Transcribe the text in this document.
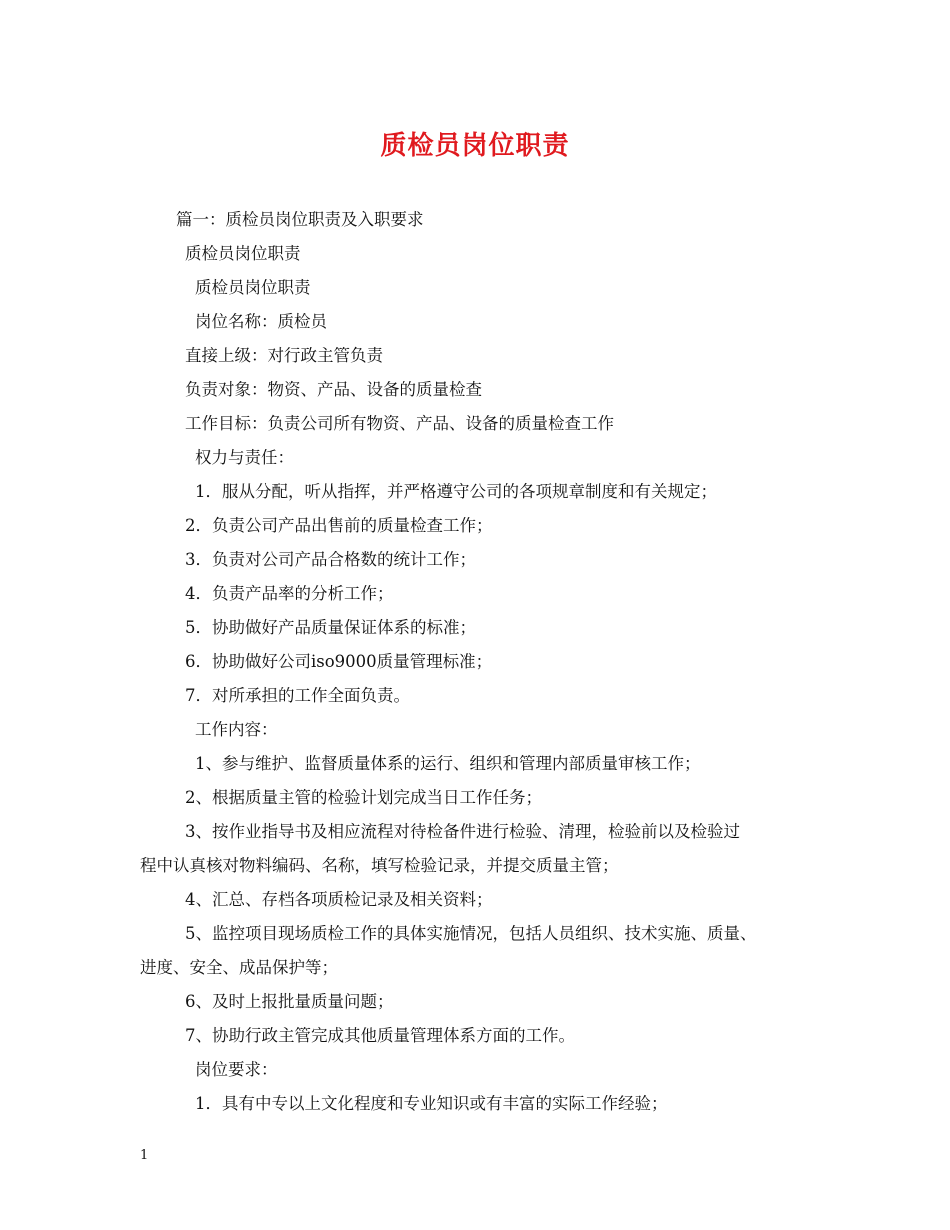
质检员岗位职责
篇一：质检员岗位职责及入职要求
质检员岗位职责
质检员岗位职责
岗位名称：质检员
直接上级：对行政主管负责
负责对象：物资、产品、设备的质量检查
工作目标：负责公司所有物资、产品、设备的质量检查工作
权力与责任：
1．服从分配，听从指挥，并严格遵守公司的各项规章制度和有关规定；
2．负责公司产品出售前的质量检查工作；
3．负责对公司产品合格数的统计工作；
4．负责产品率的分析工作；
5．协助做好产品质量保证体系的标准；
6．协助做好公司iso9000质量管理标准；
7．对所承担的工作全面负责。
工作内容：
1、参与维护、监督质量体系的运行、组织和管理内部质量审核工作；
2、根据质量主管的检验计划完成当日工作任务；
3、按作业指导书及相应流程对待检备件进行检验、清理，检验前以及检验过
程中认真核对物料编码、名称，填写检验记录，并提交质量主管；
4、汇总、存档各项质检记录及相关资料；
5、监控项目现场质检工作的具体实施情况，包括人员组织、技术实施、质量、
进度、安全、成品保护等；
6、及时上报批量质量问题；
7、协助行政主管完成其他质量管理体系方面的工作。
岗位要求：
1．具有中专以上文化程度和专业知识或有丰富的实际工作经验；
1
